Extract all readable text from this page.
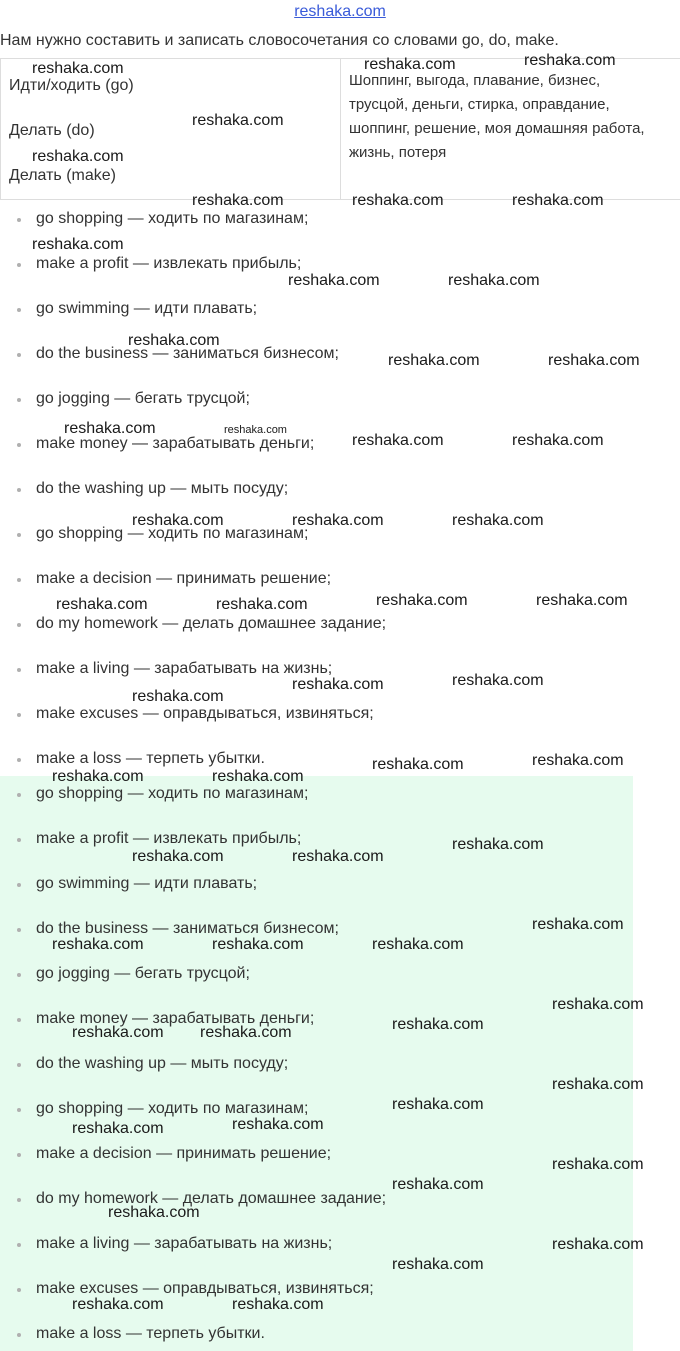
reshaka.com
Нам нужно составить и записать словосочетания со словами go, do, make.
Идти/ходить (go)
Делать (do)
Делать (make)

Шоппинг, выгода, плавание, бизнес,
трусцой, деньги, стирка, оправдание,
шоппинг, решение, моя домашняя работа,
жизнь, потеря
go shopping — ходить по магазинам;
make a profit — извлекать прибыль;
go swimming — идти плавать;
do the business — заниматься бизнесом;
go jogging — бегать трусцой;
make money — зарабатывать деньги;
do the washing up — мыть посуду;
go shopping — ходить по магазинам;
make a decision — принимать решение;
do my homework — делать домашнее задание;
make a living — зарабатывать на жизнь;
make excuses — оправдываться, извиняться;
make a loss — терпеть убытки.
go shopping — ходить по магазинам;
make a profit — извлекать прибыль;
go swimming — идти плавать;
do the business — заниматься бизнесом;
go jogging — бегать трусцой;
make money — зарабатывать деньги;
do the washing up — мыть посуду;
go shopping — ходить по магазинам;
make a decision — принимать решение;
do my homework — делать домашнее задание;
make a living — зарабатывать на жизнь;
make excuses — оправдываться, извиняться;
make a loss — терпеть убытки.
reshaka.com	reshaka.com	reshaka.com
reshaka.com
reshaka.com
reshaka.com	reshaka.com	reshaka.com
reshaka.com
reshaka.com	reshaka.com
reshaka.com
reshaka.com	reshaka.com
reshaka.com
reshaka.com	reshaka.com
reshaka.com	reshaka.com	reshaka.com
reshaka.com	reshaka.com	reshaka.com	reshaka.com
reshaka.com
reshaka.com	reshaka.com
reshaka.com	reshaka.com
reshaka.com	reshaka.com
reshaka.com	reshaka.com
reshaka.com
reshaka.com
reshaka.com	reshaka.com	reshaka.com
reshaka.com
reshaka.com reshaka.com	reshaka.com
reshaka.com
reshaka.com
reshaka.com	reshaka.com
reshaka.com
reshaka.com
reshaka.com
reshaka.com
reshaka.com
reshaka.com	reshaka.com
reshaka.com
